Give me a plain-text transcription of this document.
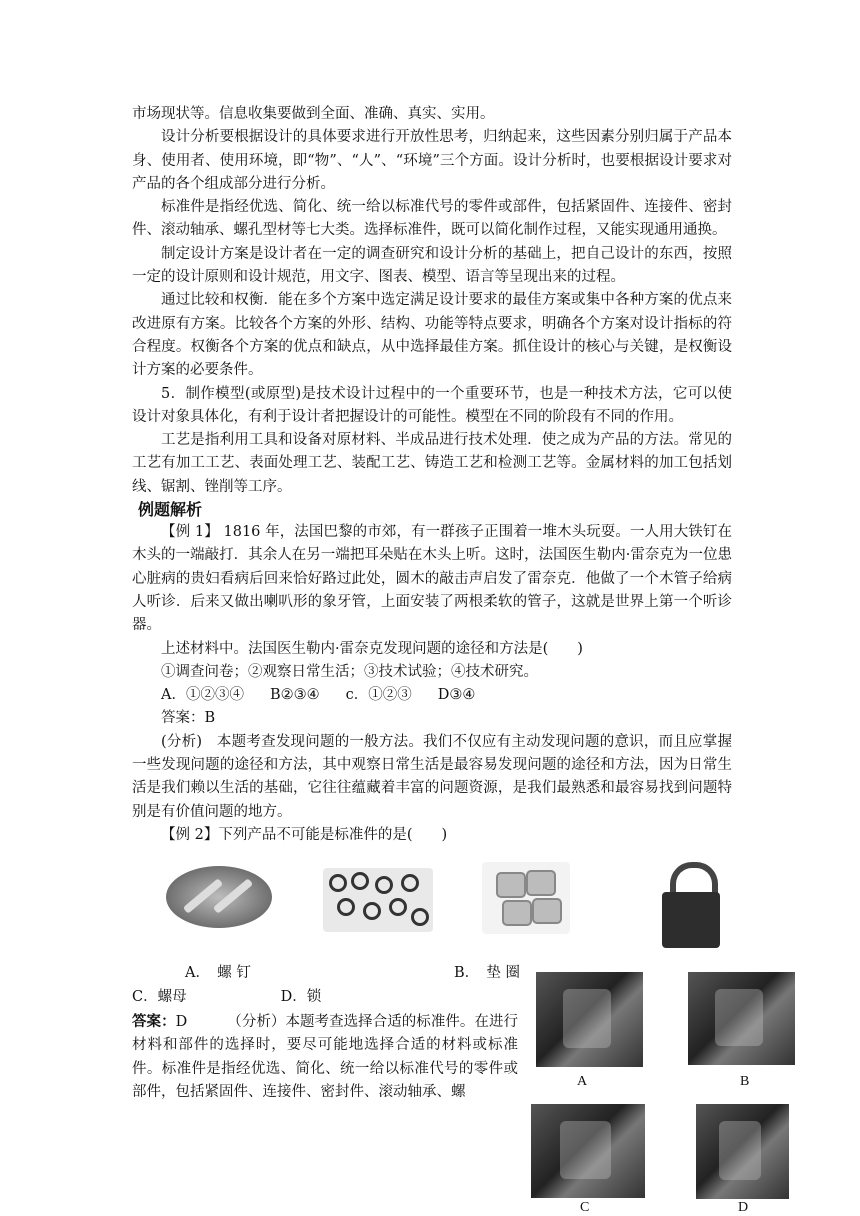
市场现状等。信息收集要做到全面、准确、真实、实用。

设计分析要根据设计的具体要求进行开放性思考，归纳起来，这些因素分别归属于产品本身、使用者、使用环境，即“物”、“人”、“环境”三个方面。设计分析时，也要根据设计要求对产品的各个组成部分进行分析。

标准件是指经优选、简化、统一给以标准代号的零件或部件，包括紧固件、连接件、密封件、滚动轴承、螺孔型材等七大类。选择标准件，既可以简化制作过程，又能实现通用通换。

制定设计方案是设计者在一定的调查研究和设计分析的基础上，把自己设计的东西，按照一定的设计原则和设计规范，用文字、图表、模型、语言等呈现出来的过程。

通过比较和权衡．能在多个方案中选定满足设计要求的最佳方案或集中各种方案的优点来改进原有方案。比较各个方案的外形、结构、功能等特点要求，明确各个方案对设计指标的符合程度。权衡各个方案的优点和缺点，从中选择最佳方案。抓住设计的核心与关键，是权衡设计方案的必要条件。

5．制作模型(或原型)是技术设计过程中的一个重要环节，也是一种技术方法，它可以使设计对象具体化，有利于设计者把握设计的可能性。模型在不同的阶段有不同的作用。

工艺是指利用工具和设备对原材料、半成品进行技术处理．使之成为产品的方法。常见的工艺有加工工艺、表面处理工艺、装配工艺、铸造工艺和检测工艺等。金属材料的加工包括划线、锯割、锉削等工序。

例题解析

【例 1】 1816 年，法国巴黎的市郊，有一群孩子正围着一堆木头玩耍。一人用大铁钉在木头的一端敲打．其余人在另一端把耳朵贴在木头上听。这时，法国医生勒内·雷奈克为一位患心脏病的贵妇看病后回来恰好路过此处，圆木的敲击声启发了雷奈克．他做了一个木管子给病人听诊．后来又做出喇叭形的象牙管，上面安装了两根柔软的管子，这就是世界上第一个听诊器。

上述材料中。法国医生勒内·雷奈克发现问题的途径和方法是(　　)

①调查问卷；②观察日常生活；③技术试验；④技术研究。

A．①②③④ B②③④ c．①②③ D③④

答案：B

(分析)　本题考查发现问题的一般方法。我们不仅应有主动发现问题的意识，而且应掌握一些发现问题的途径和方法，其中观察日常生活是最容易发现问题的途径和方法，因为日常生活是我们赖以生活的基础，它往往蕴藏着丰富的问题资源，是我们最熟悉和最容易找到问题特别是有价值问题的地方。

【例 2】下列产品不可能是标准件的是(　　)

A．　螺 钉	B．　垫 圈

C．螺母	D．锁

答案：D	（分析）本题考查选择合适的标准件。在进行材料和部件的选择时，要尽可能地选择合适的材料或标准件。标准件是指经优选、简化、统一给以标准代号的零件或部件，包括紧固件、连接件、密封件、滚动轴承、螺

A	B
C	D
